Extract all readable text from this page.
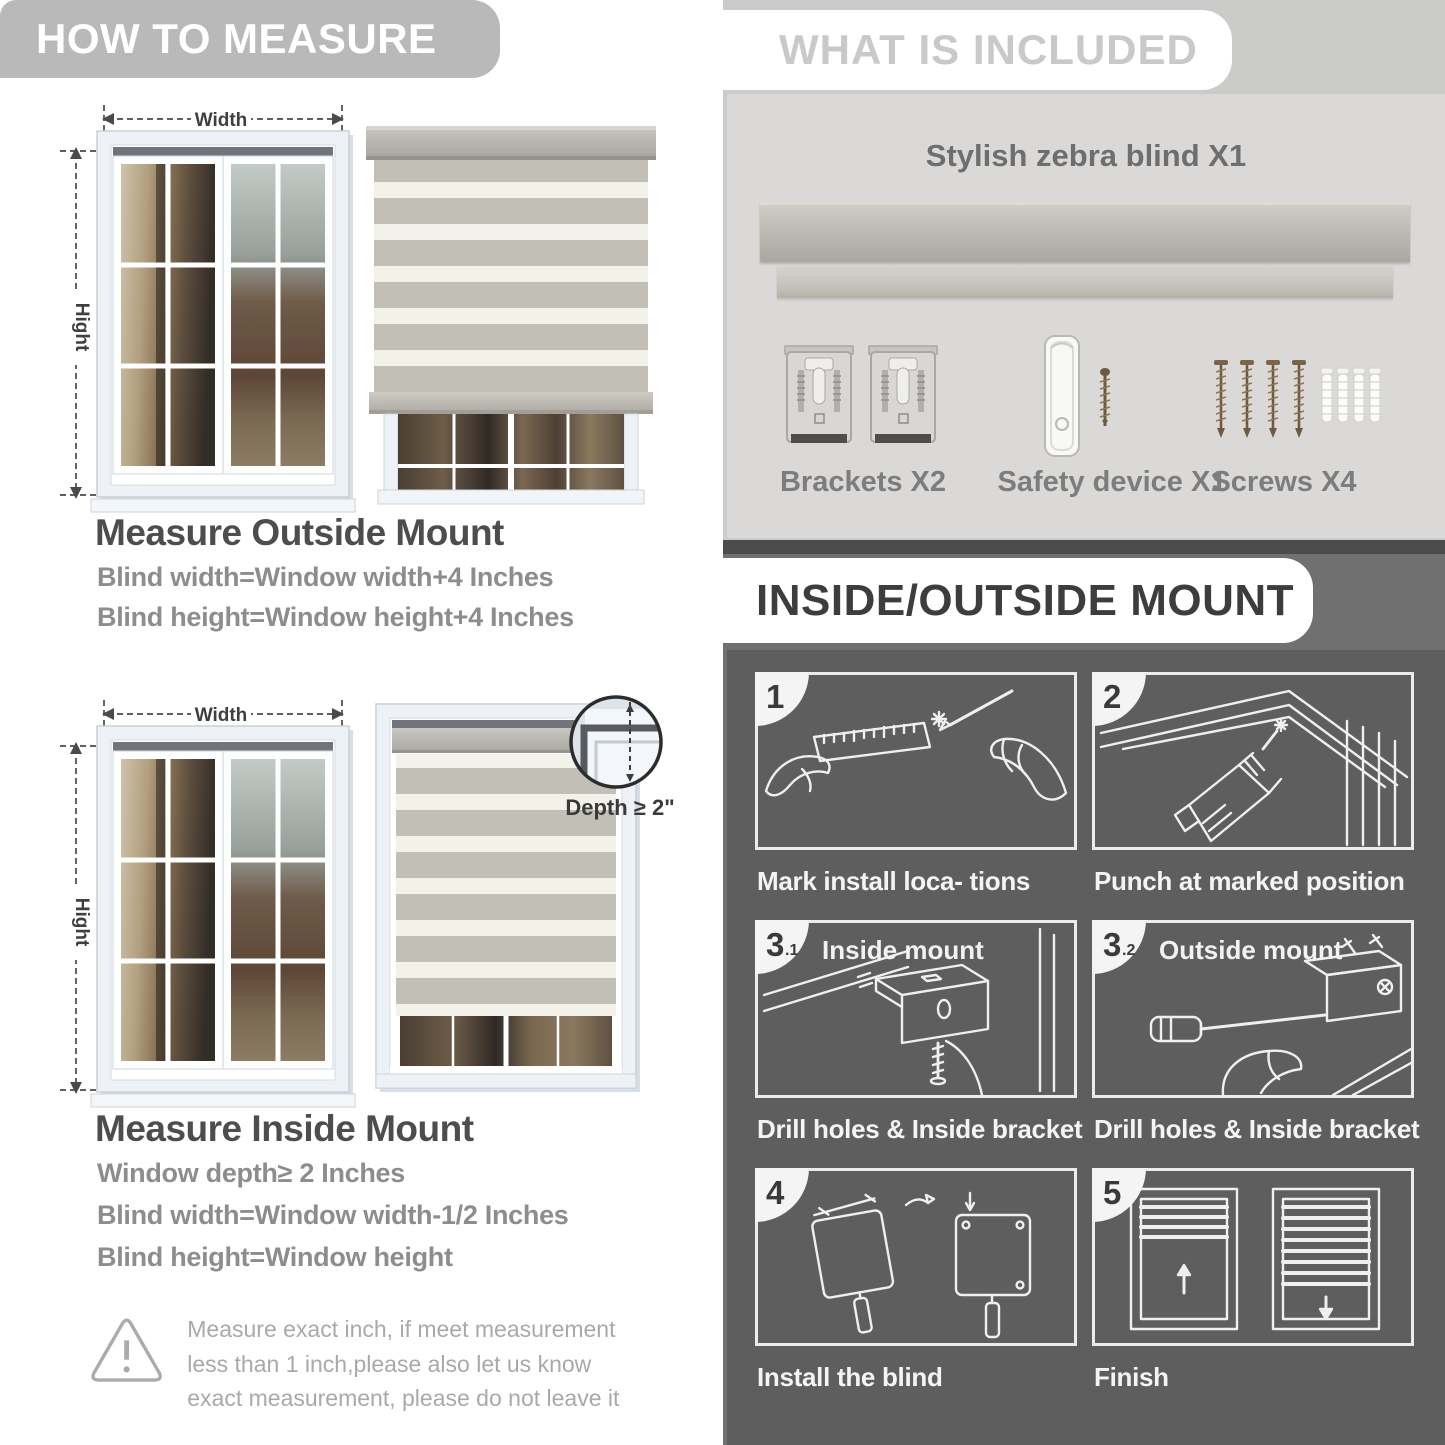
HOW TO MEASURE
Width
Hight
Measure Outside Mount
Blind width=Window width+4 Inches
Blind height=Window height+4 Inches
Width
Hight
Depth ≥ 2"
Measure Inside Mount
Window depth≥ 2 Inches
Blind width=Window width-1/2 Inches
Blind height=Window height
Measure exact inch, if meet measurement less than 1 inch,please also let us know exact measurement, please do not leave it
WHAT IS INCLUDED
Stylish zebra blind X1
Brackets X2 Safety device X1
Screws X4
INSIDE/OUTSIDE MOUNT
1
Mark install loca- tions
2
Punch at marked position
3 .1 Inside mount
Drill holes & Inside bracket
3 .2 Outside mount
Drill holes & Inside bracket
4
Install the blind
5
Finish
